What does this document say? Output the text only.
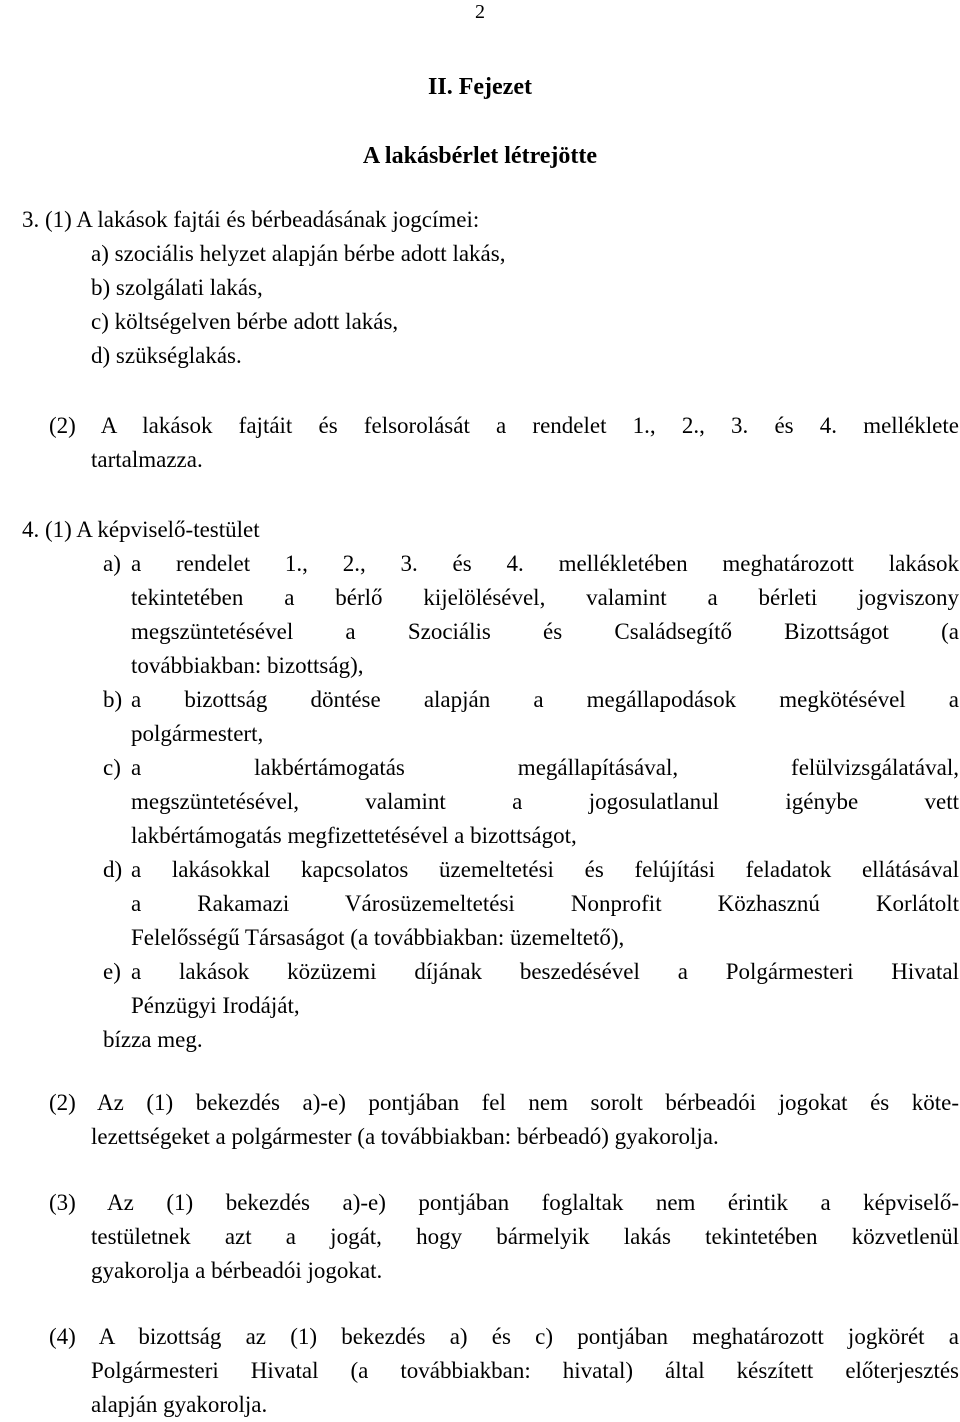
2
II. Fejezet
A lakásbérlet létrejötte
3. (1) A lakások fajtái és bérbeadásának jogcímei:
a) szociális helyzet alapján bérbe adott lakás,
b) szolgálati lakás,
c) költségelven bérbe adott lakás,
d) szükséglakás.
(2) A lakások fajtáit és felsorolását a rendelet 1., 2., 3. és 4. melléklete
tartalmazza.
4. (1) A képviselő-testület
a) a rendelet 1., 2., 3. és 4. mellékletében meghatározott lakások
tekintetében a bérlő kijelölésével, valamint a bérleti jogviszony
megszüntetésével a Szociális és Családsegítő Bizottságot (a
továbbiakban: bizottság),
b) a bizottság döntése alapján a megállapodások megkötésével a
polgármestert,
c) a lakbértámogatás megállapításával, felülvizsgálatával,
megszüntetésével, valamint a jogosulatlanul igénybe vett
lakbértámogatás megfizettetésével a bizottságot,
d) a lakásokkal kapcsolatos üzemeltetési és felújítási feladatok ellátásával
a Rakamazi Városüzemeltetési Nonprofit Közhasznú Korlátolt
Felelősségű Társaságot (a továbbiakban: üzemeltető),
e) a lakások közüzemi díjának beszedésével a Polgármesteri Hivatal
Pénzügyi Irodáját,
bízza meg.
(2) Az (1) bekezdés a)-e) pontjában fel nem sorolt bérbeadói jogokat és köte-
lezettségeket a polgármester (a továbbiakban: bérbeadó) gyakorolja.
(3) Az (1) bekezdés a)-e) pontjában foglaltak nem érintik a képviselő-
testületnek azt a jogát, hogy bármelyik lakás tekintetében közvetlenül
gyakorolja a bérbeadói jogokat.
(4) A bizottság az (1) bekezdés a) és c) pontjában meghatározott jogkörét a
Polgármesteri Hivatal (a továbbiakban: hivatal) által készített előterjesztés
alapján gyakorolja.
